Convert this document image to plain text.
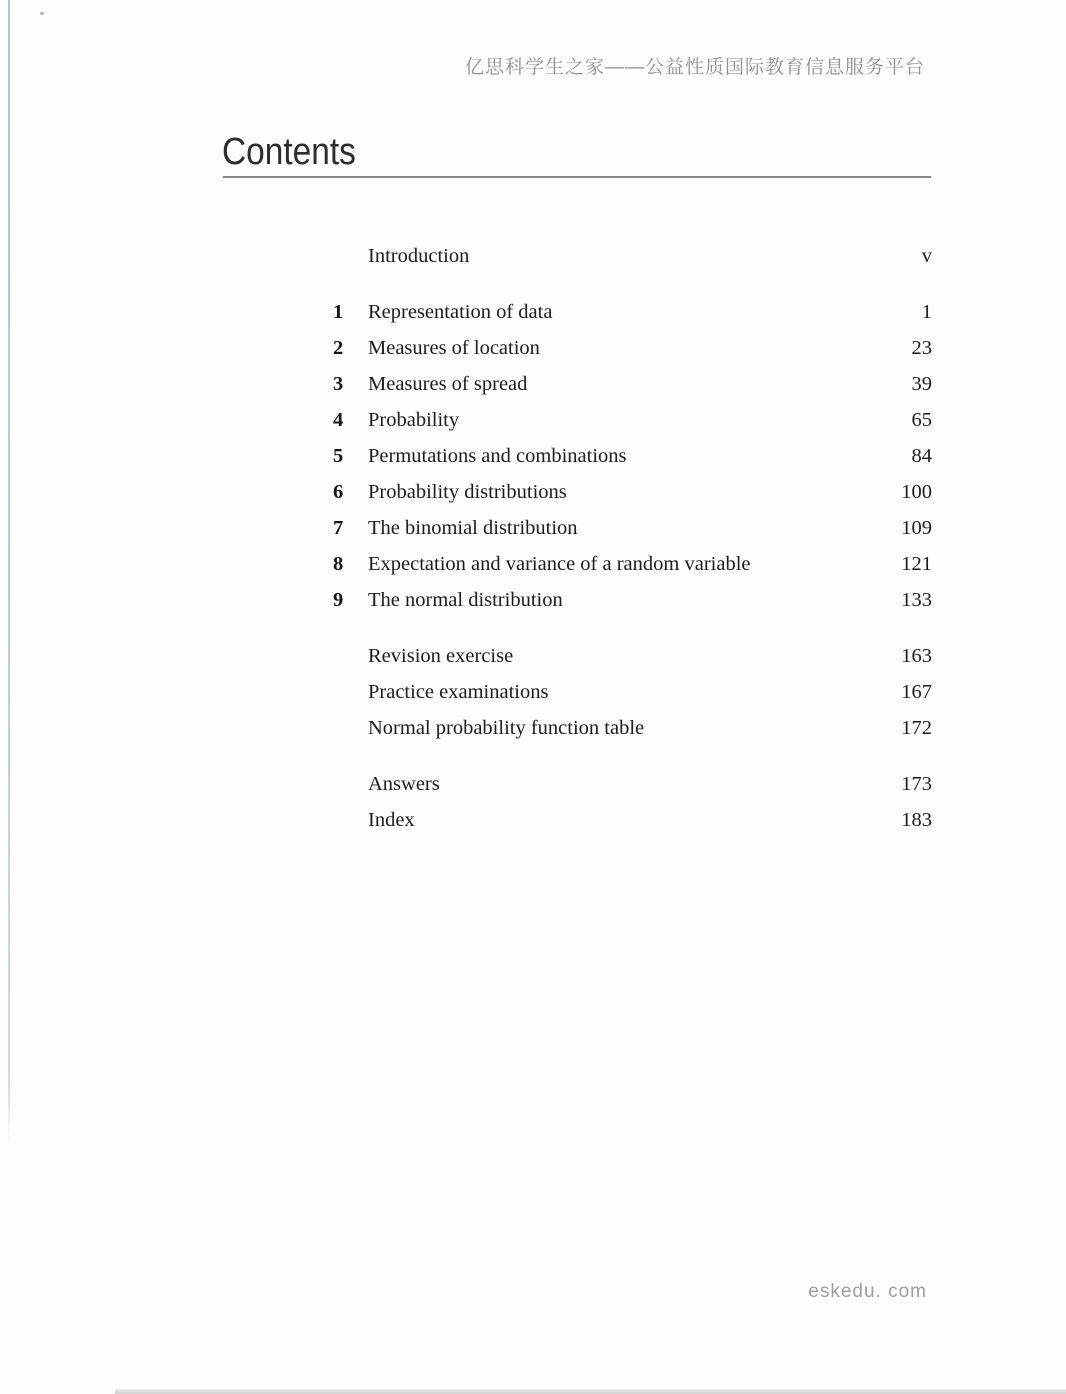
亿思科学生之家——公益性质国际教育信息服务平台
Contents
Introduction	v
1	Representation of data	1
2	Measures of location	23
3	Measures of spread	39
4	Probability	65
5	Permutations and combinations	84
6	Probability distributions	100
7	The binomial distribution	109
8	Expectation and variance of a random variable	121
9	The normal distribution	133
Revision exercise	163
Practice examinations	167
Normal probability function table	172
Answers	173
Index	183
eskedu. com
